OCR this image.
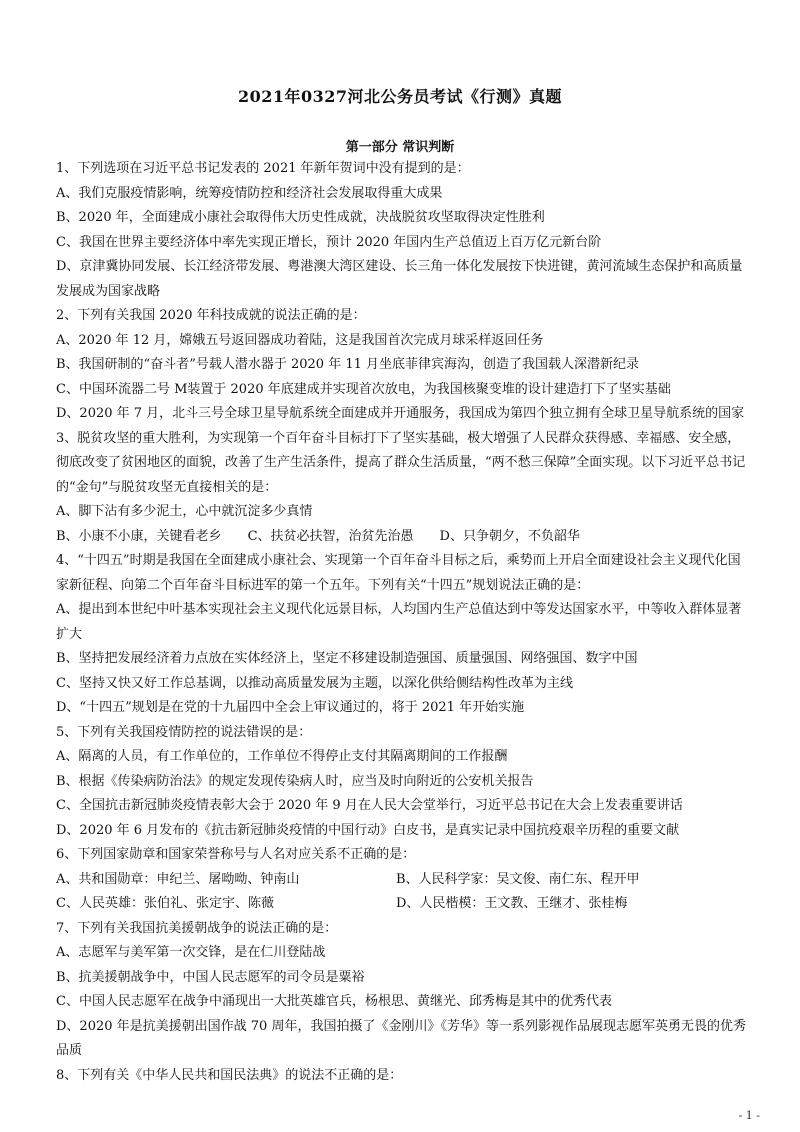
2021年0327河北公务员考试《行测》真题
第一部分 常识判断
1、下列选项在习近平总书记发表的 2021 年新年贺词中没有提到的是：
A、我们克服疫情影响，统筹疫情防控和经济社会发展取得重大成果
B、2020 年，全面建成小康社会取得伟大历史性成就，决战脱贫攻坚取得决定性胜利
C、我国在世界主要经济体中率先实现正增长，预计 2020 年国内生产总值迈上百万亿元新台阶
D、京津冀协同发展、长江经济带发展、粤港澳大湾区建设、长三角一体化发展按下快进键，黄河流域生态保护和高质量发展成为国家战略
2、下列有关我国 2020 年科技成就的说法正确的是：
A、2020 年 12 月，嫦娥五号返回器成功着陆，这是我国首次完成月球采样返回任务
B、我国研制的“奋斗者”号载人潜水器于 2020 年 11 月坐底菲律宾海沟，创造了我国载人深潜新纪录
C、中国环流器二号 M装置于 2020 年底建成并实现首次放电，为我国核聚变堆的设计建造打下了坚实基础
D、2020 年 7 月，北斗三号全球卫星导航系统全面建成并开通服务，我国成为第四个独立拥有全球卫星导航系统的国家
3、脱贫攻坚的重大胜利，为实现第一个百年奋斗目标打下了坚实基础，极大增强了人民群众获得感、幸福感、安全感，彻底改变了贫困地区的面貌，改善了生产生活条件，提高了群众生活质量，“两不愁三保障”全面实现。以下习近平总书记的“金句”与脱贫攻坚无直接相关的是：
A、脚下沾有多少泥土，心中就沉淀多少真情
B、小康不小康，关键看老乡 C、扶贫必扶智，治贫先治愚 D、只争朝夕，不负韶华
4、“十四五”时期是我国在全面建成小康社会、实现第一个百年奋斗目标之后，乘势而上开启全面建设社会主义现代化国家新征程、向第二个百年奋斗目标进军的第一个五年。下列有关“十四五”规划说法正确的是：
A、提出到本世纪中叶基本实现社会主义现代化远景目标，人均国内生产总值达到中等发达国家水平，中等收入群体显著扩大
B、坚持把发展经济着力点放在实体经济上，坚定不移建设制造强国、质量强国、网络强国、数字中国
C、坚持又快又好工作总基调，以推动高质量发展为主题，以深化供给侧结构性改革为主线
D、“十四五”规划是在党的十九届四中全会上审议通过的，将于 2021 年开始实施
5、下列有关我国疫情防控的说法错误的是：
A、隔离的人员，有工作单位的，工作单位不得停止支付其隔离期间的工作报酬
B、根据《传染病防治法》的规定发现传染病人时，应当及时向附近的公安机关报告
C、全国抗击新冠肺炎疫情表彰大会于 2020 年 9 月在人民大会堂举行，习近平总书记在大会上发表重要讲话
D、2020 年 6 月发布的《抗击新冠肺炎疫情的中国行动》白皮书，是真实记录中国抗疫艰辛历程的重要文献
6、下列国家勋章和国家荣誉称号与人名对应关系不正确的是：
A、共和国勋章：申纪兰、屠呦呦、钟南山	B、人民科学家：吴文俊、南仁东、程开甲
C、人民英雄：张伯礼、张定宇、陈薇	D、人民楷模：王文教、王继才、张桂梅
7、下列有关我国抗美援朝战争的说法正确的是：
A、志愿军与美军第一次交锋，是在仁川登陆战
B、抗美援朝战争中，中国人民志愿军的司令员是粟裕
C、中国人民志愿军在战争中涌现出一大批英雄官兵，杨根思、黄继光、邱秀梅是其中的优秀代表
D、2020 年是抗美援朝出国作战 70 周年，我国拍摄了《金刚川》《芳华》等一系列影视作品展现志愿军英勇无畏的优秀品质
8、下列有关《中华人民共和国民法典》的说法不正确的是：
- 1 -
